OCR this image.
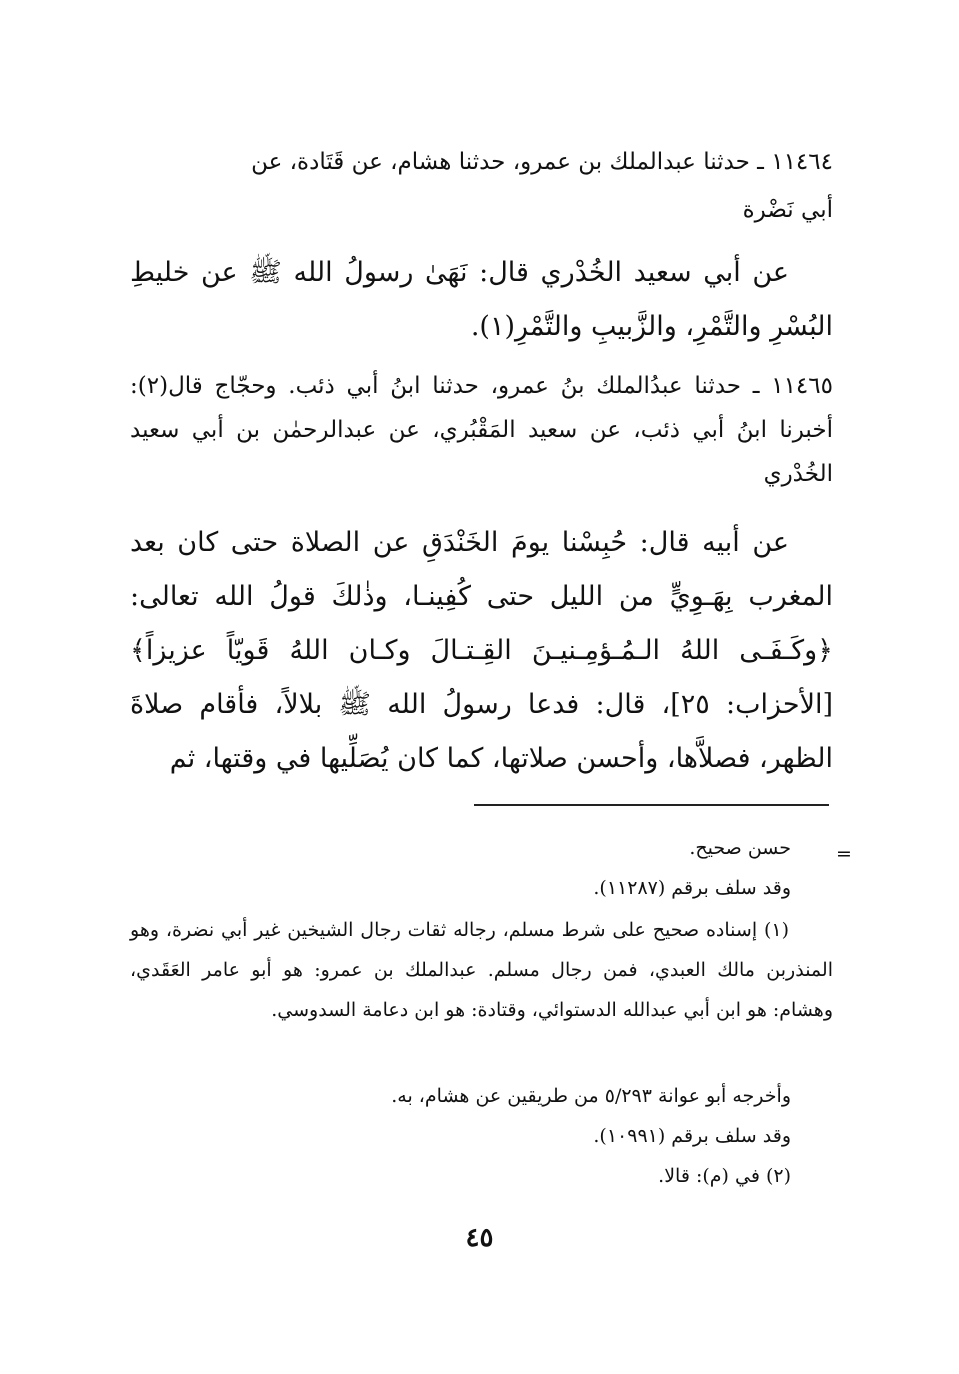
١١٤٦٤ ـ حدثنا عبدالملك بن عمرو، حدثنا هشام، عن قَتَادة، عن

أبي نَضْرة

عن أبي سعيد الخُدْري قال: نَهَىٰ رسولُ الله ﷺ عن خليطِ البُسْرِ والتَّمْرِ، والزَّبيبِ والتَّمْرِ(١).

١١٤٦٥ ـ حدثنا عبدُالملك بنُ عمرو، حدثنا ابنُ أبي ذئب. وحجّاج قال(٢): أخبرنا ابنُ أبي ذئب، عن سعيد المَقْبُري، عن عبدالرحمٰن بن أبي سعيد الخُدْري

عن أبيه قال: حُبِسْنا يومَ الخَنْدَقِ عن الصلاة حتى كان بعد المغرب بِهَـوِيٍّ من الليل حتى كُفِينـا، وذٰلكَ قولُ الله تعالى: ﴿وكَـفَـى اللهُ الـمُـؤمِـنيـنَ القِـتـالَ وكـان اللهُ قَويّاً عزيزاً﴾ [الأحزاب: ٢٥]، قال: فدعا رسولُ الله ﷺ بلالاً، فأقام صلاةَ الظهر، فصلاَّها، وأحسن صلاتها، كما كان يُصَلِّيها في وقتها، ثم

=

حسن صحيح.

وقد سلف برقم (١١٢٨٧).

(١) إسناده صحيح على شرط مسلم، رجاله ثقات رجال الشيخين غير أبي نضرة، وهو المنذربن مالك العبدي، فمن رجال مسلم. عبدالملك بن عمرو: هو أبو عامر العَقَدي، وهشام: هو ابن أبي عبدالله الدستوائي، وقتادة: هو ابن دعامة السدوسي.

وأخرجه أبو عوانة ٥/٢٩٣ من طريقين عن هشام، به.

وقد سلف برقم (١٠٩٩١).

(٢) في (م): قالا.

٤٥
